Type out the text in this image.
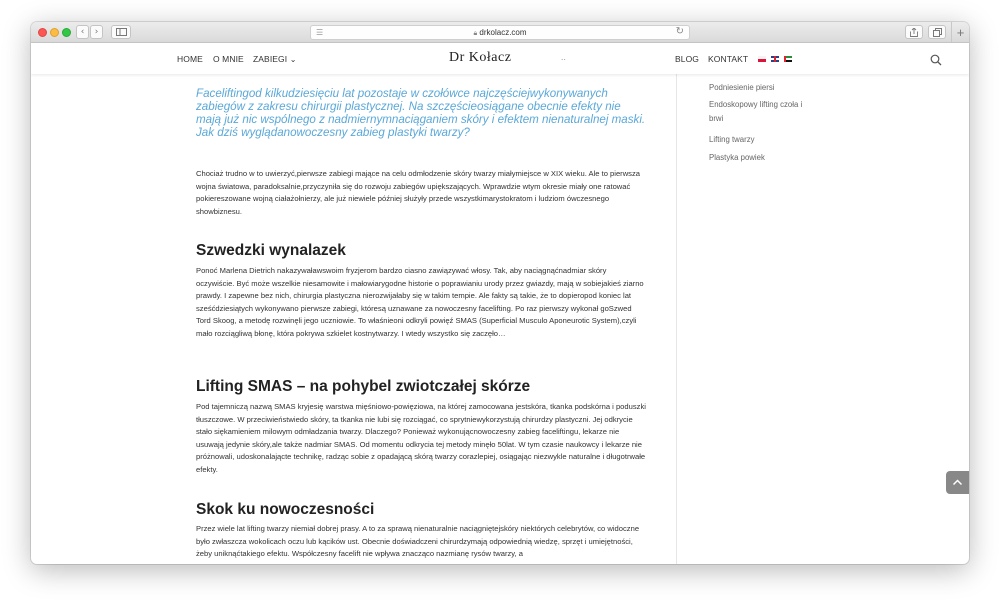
‹	›	☰	🔒︎ drkolacz.com	↻	+
HOME O MNIE ZABIEGI ⌄	Dr Kołacz	..	BLOG KONTAKT

Faceliftingod kilkudziesięciu lat pozostaje w czołówce najczęściejwykonywanych zabiegów z zakresu chirurgii plastycznej. Na szczęścieosiągane obecnie efekty nie mają już nic wspólnego z nadmiernymnaciąganiem skóry i efektem nienaturalnej maski. Jak dziś wyglądanowoczesny zabieg plastyki twarzy?

Chociaż trudno w to uwierzyć,pierwsze zabiegi mające na celu odmłodzenie skóry twarzy miałymiejsce w XIX wieku. Ale to pierwsza wojna światowa, paradoksalnie,przyczyniła się do rozwoju zabiegów upiększających. Wprawdzie wtym okresie miały one ratować pokiereszowane wojną ciałażołnierzy, ale już niewiele później służyły przede wszystkimarystokratom i ludziom ówczesnego showbiznesu.

Szwedzki wynalazek

Ponoć Marlena Dietrich nakazywaławswoim fryzjerom bardzo ciasno zawiązywać włosy. Tak, aby naciągnąćnadmiar skóry oczywiście. Być może wszelkie niesamowite i małowiarygodne historie o poprawianiu urody przez gwiazdy, mają w sobiejakieś ziarno prawdy. I zapewne bez nich, chirurgia plastyczna nierozwijałaby się w takim tempie. Ale fakty są takie, że to dopieropod koniec lat sześćdziesiątych wykonywano pierwsze zabiegi, któresą uznawane za nowoczesny facelifting. Po raz pierwszy wykonał goSzwed Tord Skoog, a metodę rozwinęli jego uczniowie. To właśnieoni odkryli powięź SMAS (Superficial Musculo Aponeurotic System),czyli mało rozciągliwą błonę, która pokrywa szkielet kostnytwarzy. I wtedy wszystko się zaczęło…

Lifting SMAS – na pohybel zwiotczałej skórze

Pod tajemniczą nazwą SMAS kryjesię warstwa mięśniowo-powięziowa, na której zamocowana jestskóra, tkanka podskórna i poduszki tłuszczowe. W przeciwieństwiedo skóry, ta tkanka nie lubi się rozciągać, co sprytniewykorzystują chirurdzy plastyczni. Jej odkrycie stało siękamieniem milowym odmładzania twarzy. Dlaczego? Ponieważ wykonującnowoczesny zabieg faceliftingu, lekarze nie usuwają jedynie skóry,ale także nadmiar SMAS. Od momentu odkrycia tej metody minęło 50lat. W tym czasie naukowcy i lekarze nie próżnowali, udoskonalającte technikę, radząc sobie z opadającą skórą twarzy corazlepiej, osiągając niezwykle naturalne i długotrwałe efekty.

Skok ku nowoczesności

Przez wiele lat lifting twarzy niemiał dobrej prasy. A to za sprawą nienaturalnie naciągniętejskóry niektórych celebrytów, co widoczne było zwłaszcza wokolicach oczu lub kącików ust. Obecnie doświadczeni chirurdzymają odpowiednią wiedzę, sprzęt i umiejętności, żeby uniknąćtakiego efektu. Współczesny facelift nie wpływa znacząco nazmianę rysów twarzy, a

Podniesienie piersi
Endoskopowy lifting czoła i brwi
Lifting twarzy
Plastyka powiek
